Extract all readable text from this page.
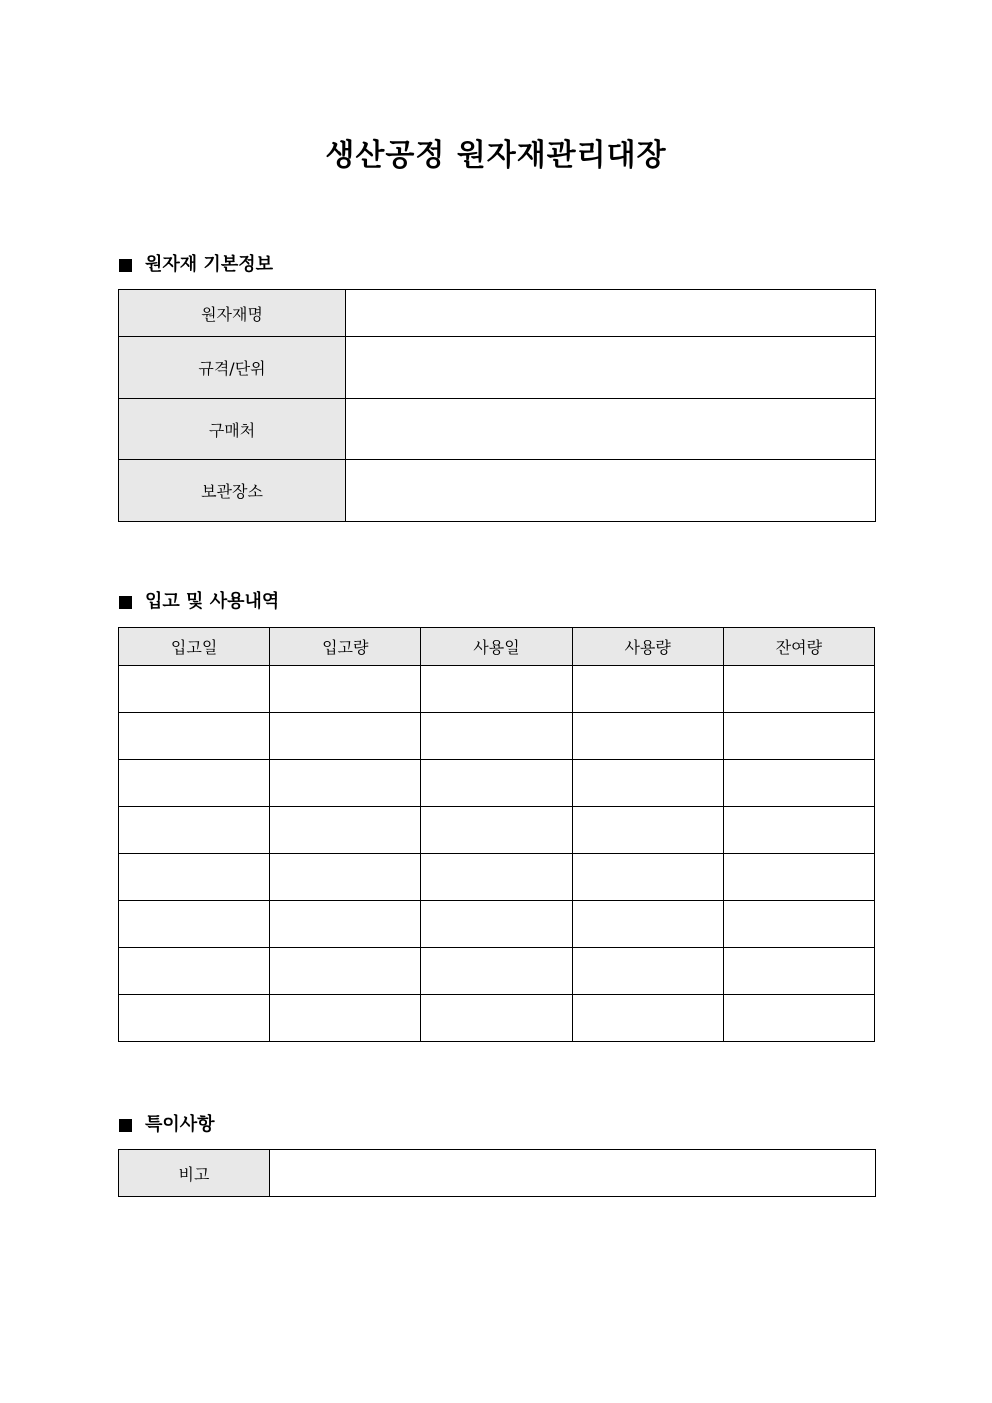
생산공정 원자재관리대장
원자재 기본정보
원자재명	
규격/단위	
구매처	
보관장소	
입고 및 사용내역
입고일	입고량	사용일	사용량	잔여량

특이사항
비고	
